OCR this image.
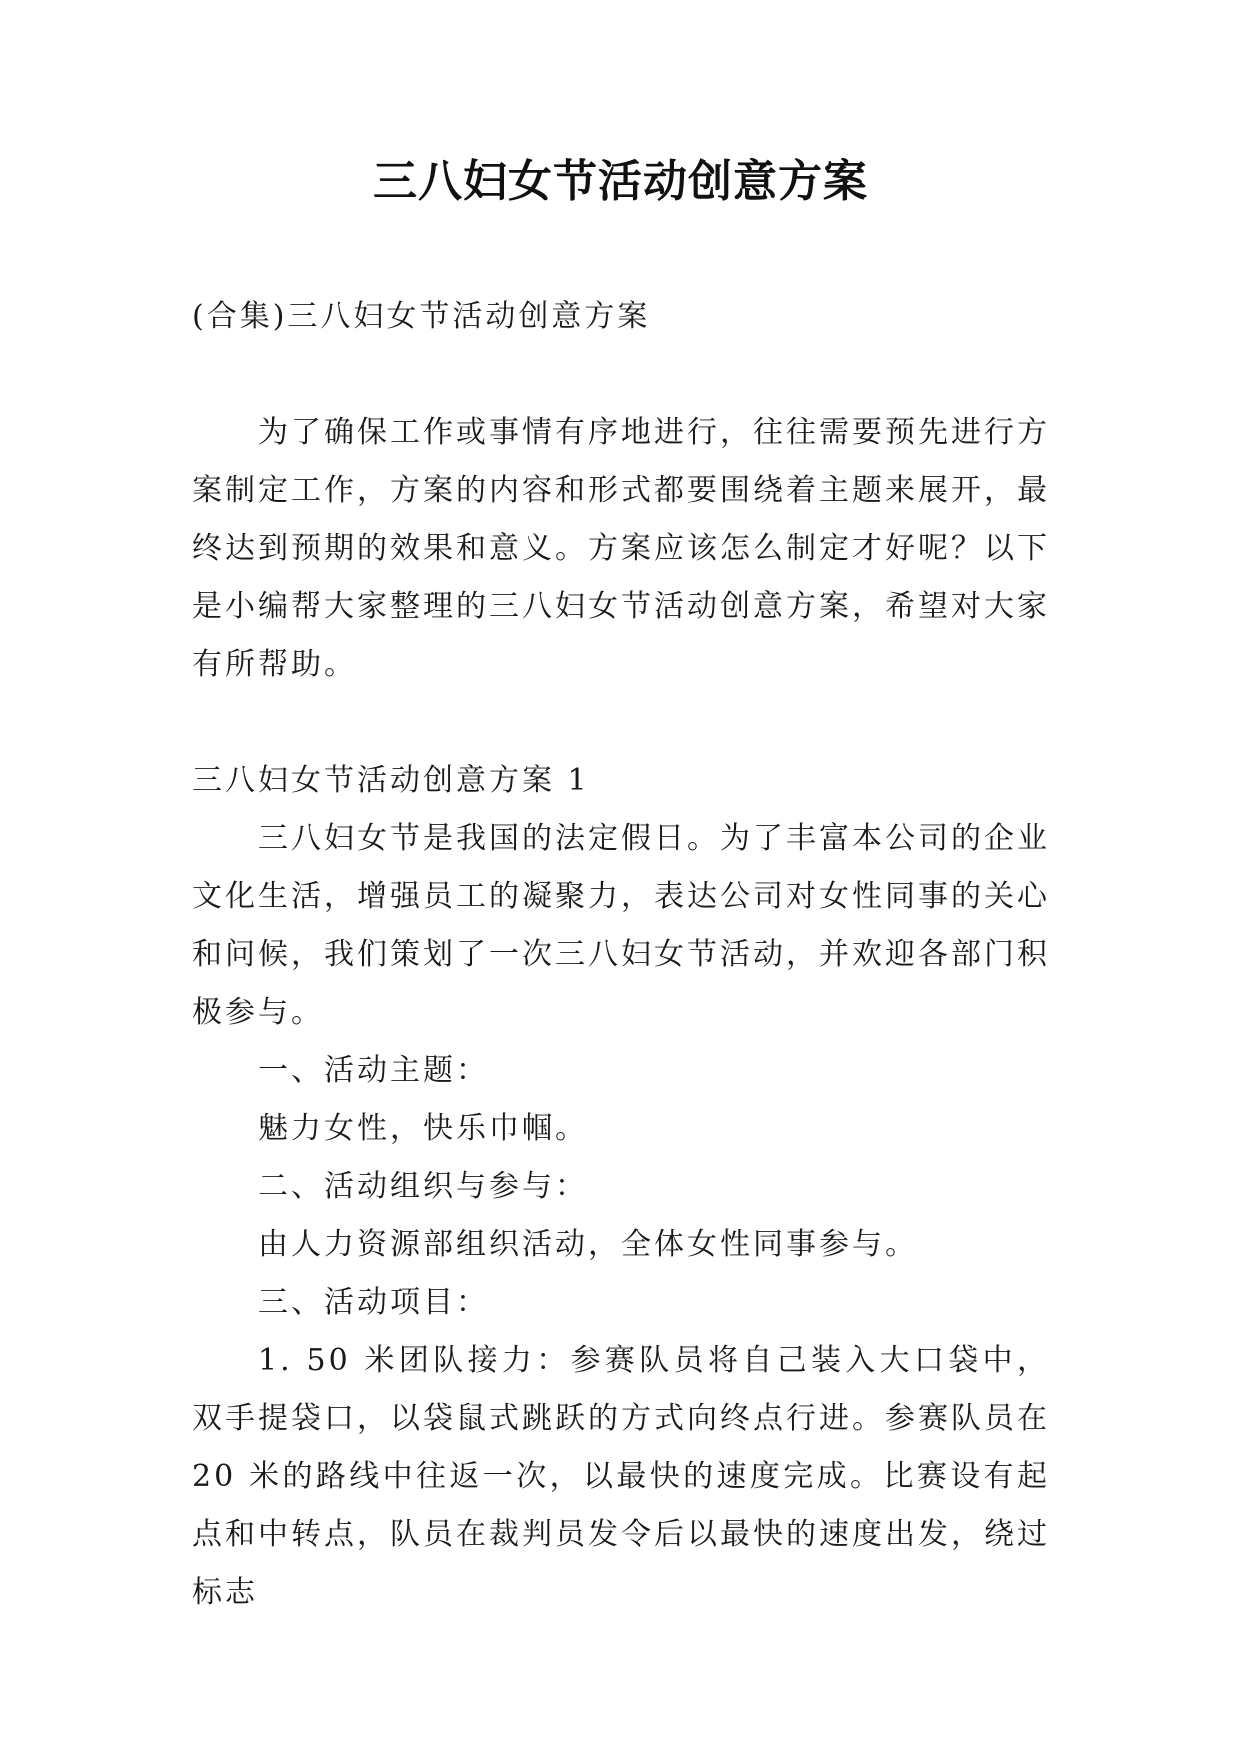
三八妇女节活动创意方案

(合集)三八妇女节活动创意方案

为了确保工作或事情有序地进行，往往需要预先进行方案制定工作，方案的内容和形式都要围绕着主题来展开，最终达到预期的效果和意义。方案应该怎么制定才好呢？以下是小编帮大家整理的三八妇女节活动创意方案，希望对大家有所帮助。

三八妇女节活动创意方案 1

三八妇女节是我国的法定假日。为了丰富本公司的企业文化生活，增强员工的凝聚力，表达公司对女性同事的关心和问候，我们策划了一次三八妇女节活动，并欢迎各部门积极参与。

一、活动主题：

魅力女性，快乐巾帼。

二、活动组织与参与：

由人力资源部组织活动，全体女性同事参与。

三、活动项目：

1. 50 米团队接力：参赛队员将自己装入大口袋中，双手提袋口，以袋鼠式跳跃的方式向终点行进。参赛队员在 20 米的路线中往返一次，以最快的速度完成。比赛设有起点和中转点，队员在裁判员发令后以最快的速度出发，绕过标志
